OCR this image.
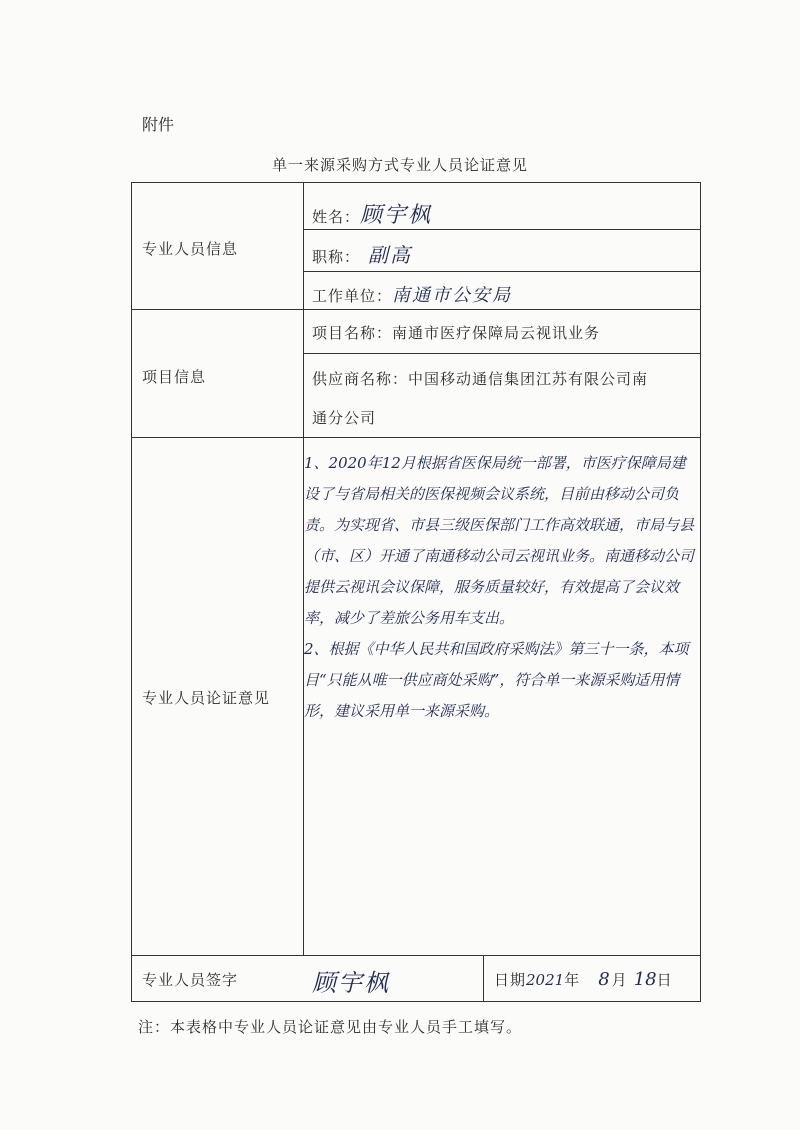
附件
单一来源采购方式专业人员论证意见
专业人员信息
项目信息
专业人员论证意见
专业人员签字
姓名：顾宇枫
职称： 副高
工作单位：南通市公安局
项目名称：南通市医疗保障局云视讯业务
供应商名称：中国移动通信集团江苏有限公司南
通分公司
顾宇枫	日期2021年 8月 18日

1、2020年12月根据省医保局统一部署，市医疗保障局建设了与省局相关的医保视频会议系统，目前由移动公司负责。为实现省、市县三级医保部门工作高效联通，市局与县（市、区）开通了南通移动公司云视讯业务。南通移动公司提供云视讯会议保障，服务质量较好，有效提高了会议效率，减少了差旅公务用车支出。

2、根据《中华人民共和国政府采购法》第三十一条，本项目“只能从唯一供应商处采购”，符合单一来源采购适用情形，建议采用单一来源采购。

注：本表格中专业人员论证意见由专业人员手工填写。
